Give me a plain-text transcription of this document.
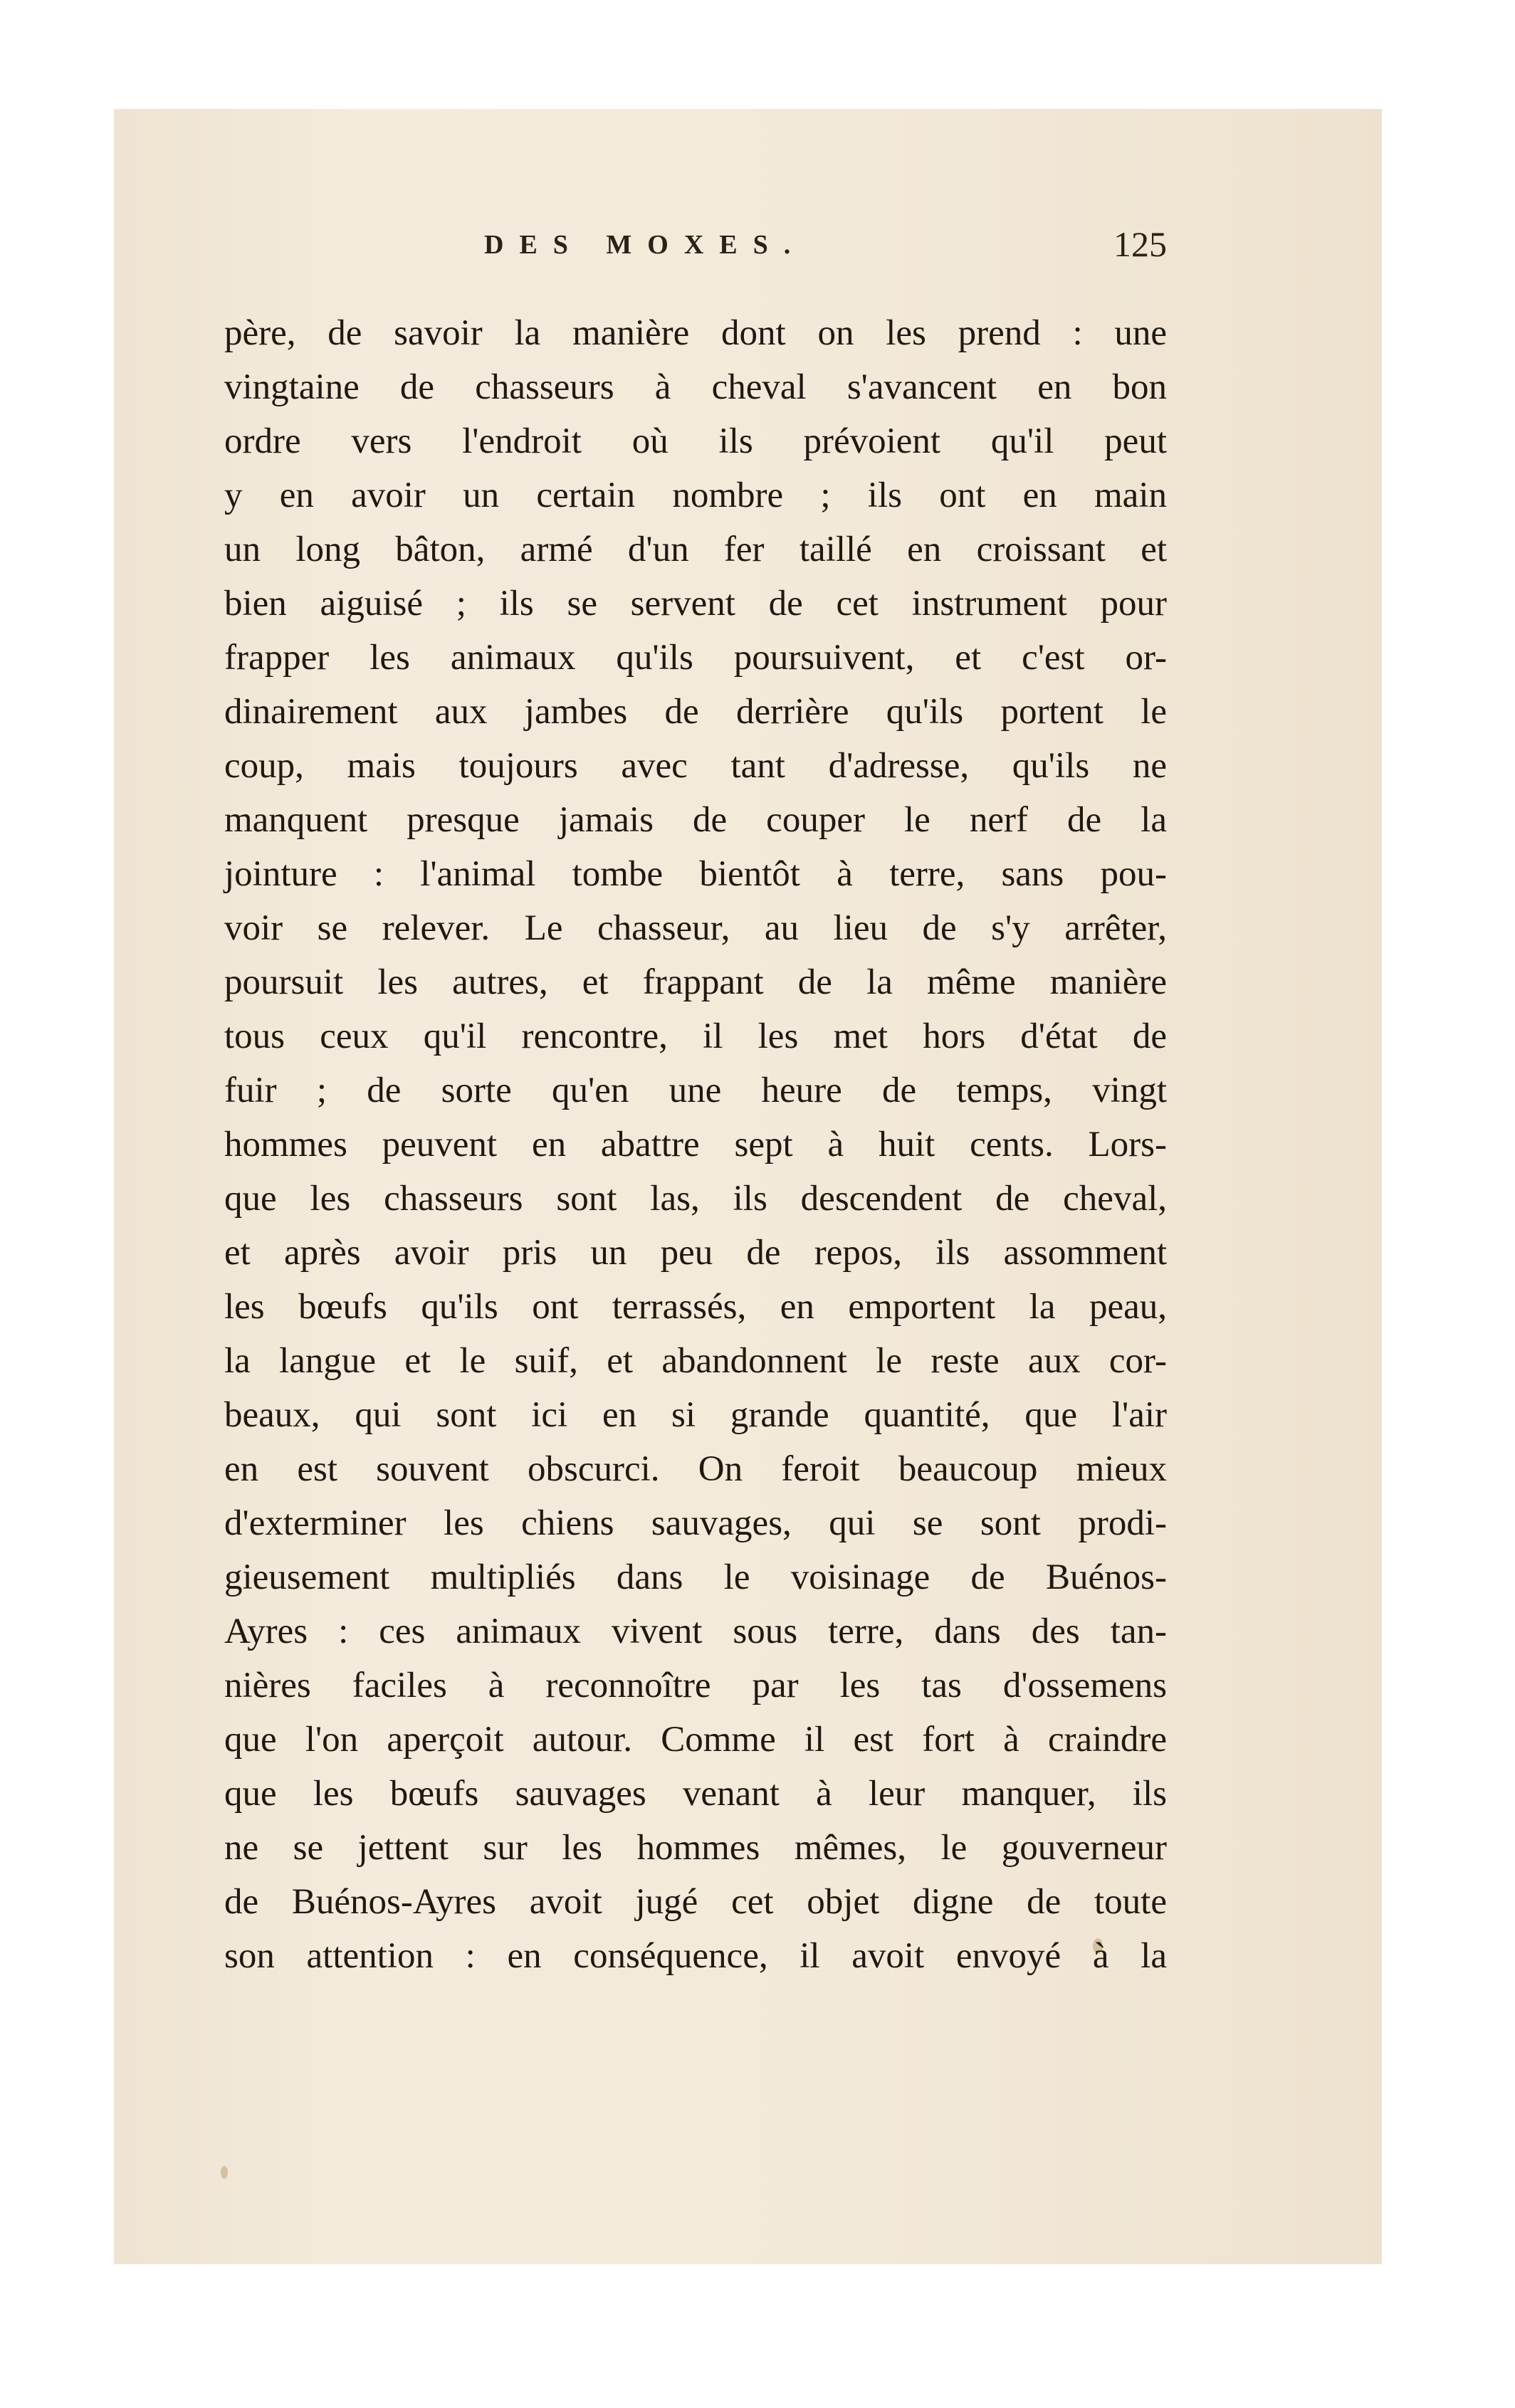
DES MOXES.	125
père, de savoir la manière dont on les prend : une
vingtaine de chasseurs à cheval s'avancent en bon
ordre vers l'endroit où ils prévoient qu'il peut
y en avoir un certain nombre ; ils ont en main
un long bâton, armé d'un fer taillé en croissant et
bien aiguisé ; ils se servent de cet instrument pour
frapper les animaux qu'ils poursuivent, et c'est or-
dinairement aux jambes de derrière qu'ils portent le
coup, mais toujours avec tant d'adresse, qu'ils ne
manquent presque jamais de couper le nerf de la
jointure : l'animal tombe bientôt à terre, sans pou-
voir se relever. Le chasseur, au lieu de s'y arrêter,
poursuit les autres, et frappant de la même manière
tous ceux qu'il rencontre, il les met hors d'état de
fuir ; de sorte qu'en une heure de temps, vingt
hommes peuvent en abattre sept à huit cents. Lors-
que les chasseurs sont las, ils descendent de cheval,
et après avoir pris un peu de repos, ils assomment
les bœufs qu'ils ont terrassés, en emportent la peau,
la langue et le suif, et abandonnent le reste aux cor-
beaux, qui sont ici en si grande quantité, que l'air
en est souvent obscurci. On feroit beaucoup mieux
d'exterminer les chiens sauvages, qui se sont prodi-
gieusement multipliés dans le voisinage de Buénos-
Ayres : ces animaux vivent sous terre, dans des tan-
nières faciles à reconnoître par les tas d'ossemens
que l'on aperçoit autour. Comme il est fort à craindre
que les bœufs sauvages venant à leur manquer, ils
ne se jettent sur les hommes mêmes, le gouverneur
de Buénos-Ayres avoit jugé cet objet digne de toute
son attention : en conséquence, il avoit envoyé à la
